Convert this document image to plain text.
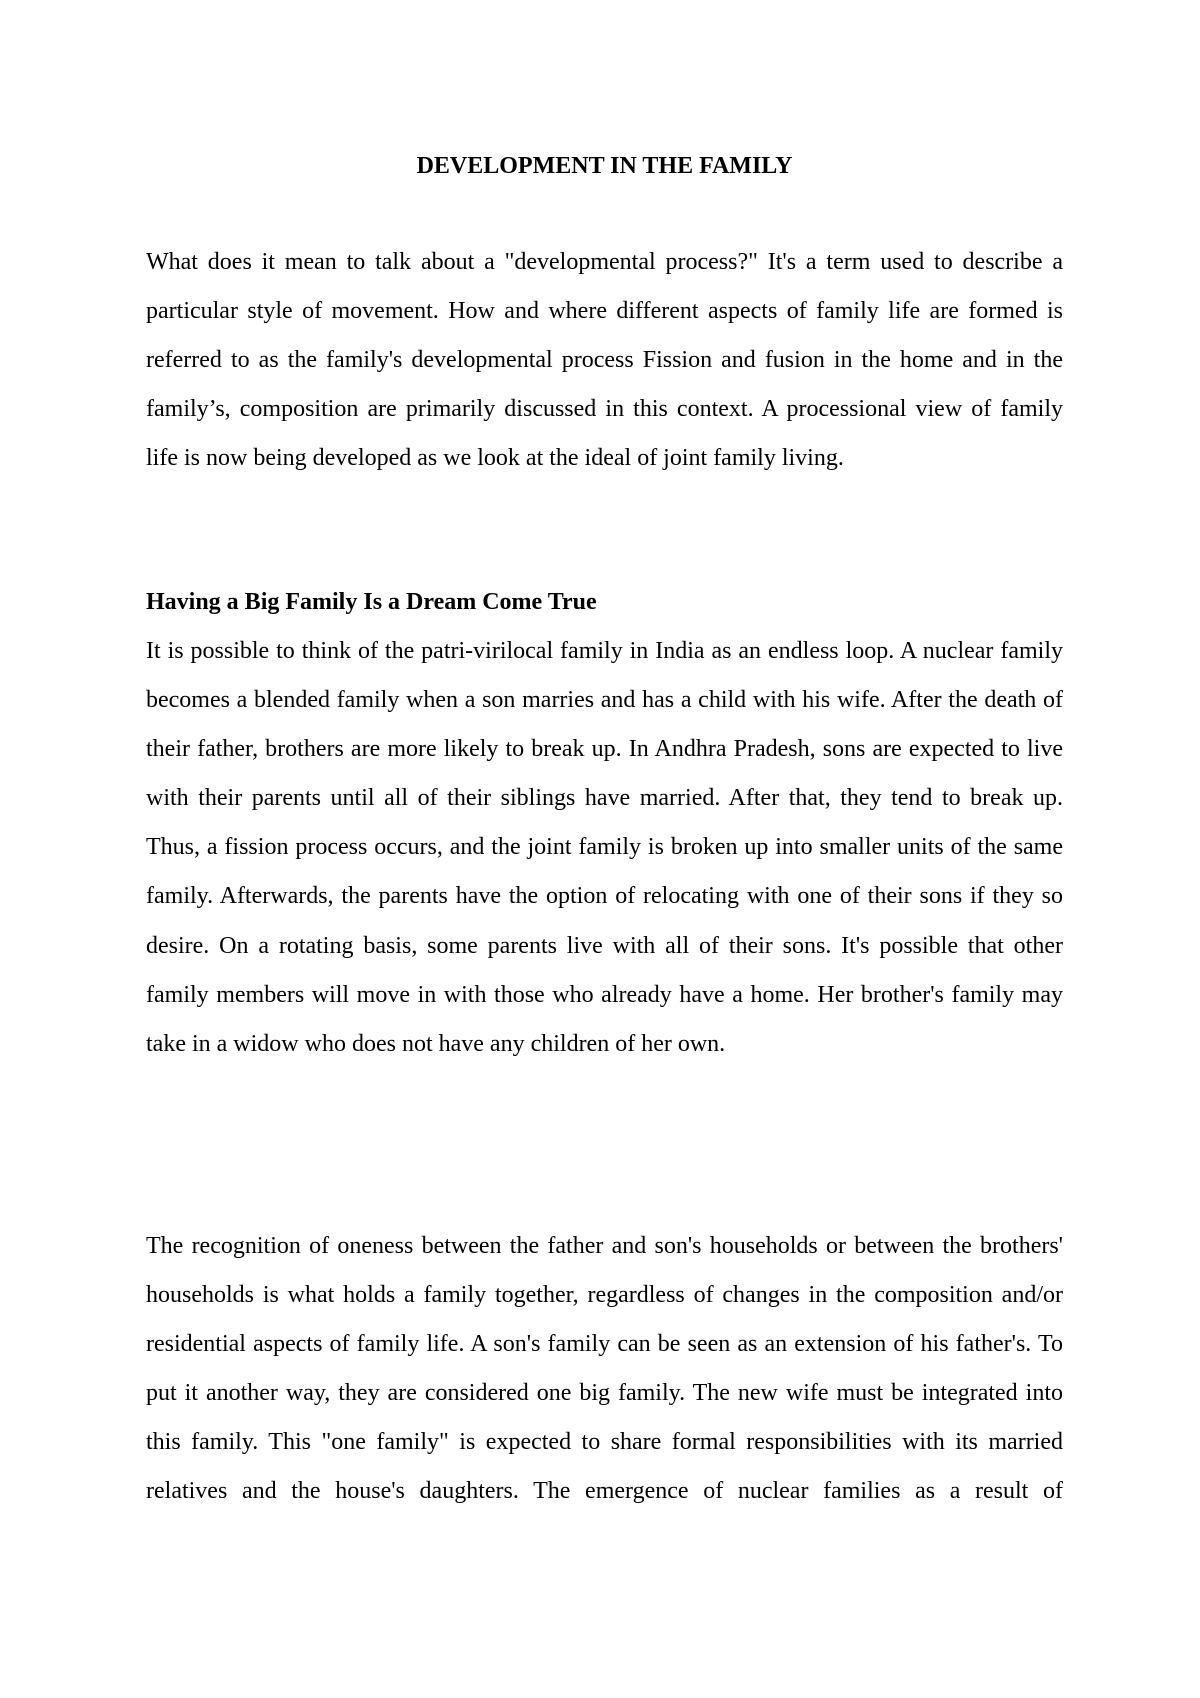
DEVELOPMENT IN THE FAMILY

What does it mean to talk about a "developmental process?" It's a term used to describe a particular style of movement. How and where different aspects of family life are formed is referred to as the family's developmental process Fission and fusion in the home and in the family’s, composition are primarily discussed in this context. A processional view of family life is now being developed as we look at the ideal of joint family living.

Having a Big Family Is a Dream Come True

It is possible to think of the patri-virilocal family in India as an endless loop. A nuclear family becomes a blended family when a son marries and has a child with his wife. After the death of their father, brothers are more likely to break up. In Andhra Pradesh, sons are expected to live with their parents until all of their siblings have married. After that, they tend to break up. Thus, a fission process occurs, and the joint family is broken up into smaller units of the same family. Afterwards, the parents have the option of relocating with one of their sons if they so desire. On a rotating basis, some parents live with all of their sons. It's possible that other family members will move in with those who already have a home. Her brother's family may take in a widow who does not have any children of her own.

The recognition of oneness between the father and son's households or between the brothers' households is what holds a family together, regardless of changes in the composition and/or residential aspects of family life. A son's family can be seen as an extension of his father's. To put it another way, they are considered one big family. The new wife must be integrated into this family. This "one family" is expected to share formal responsibilities with its married relatives and the house's daughters. The emergence of nuclear families as a result of
